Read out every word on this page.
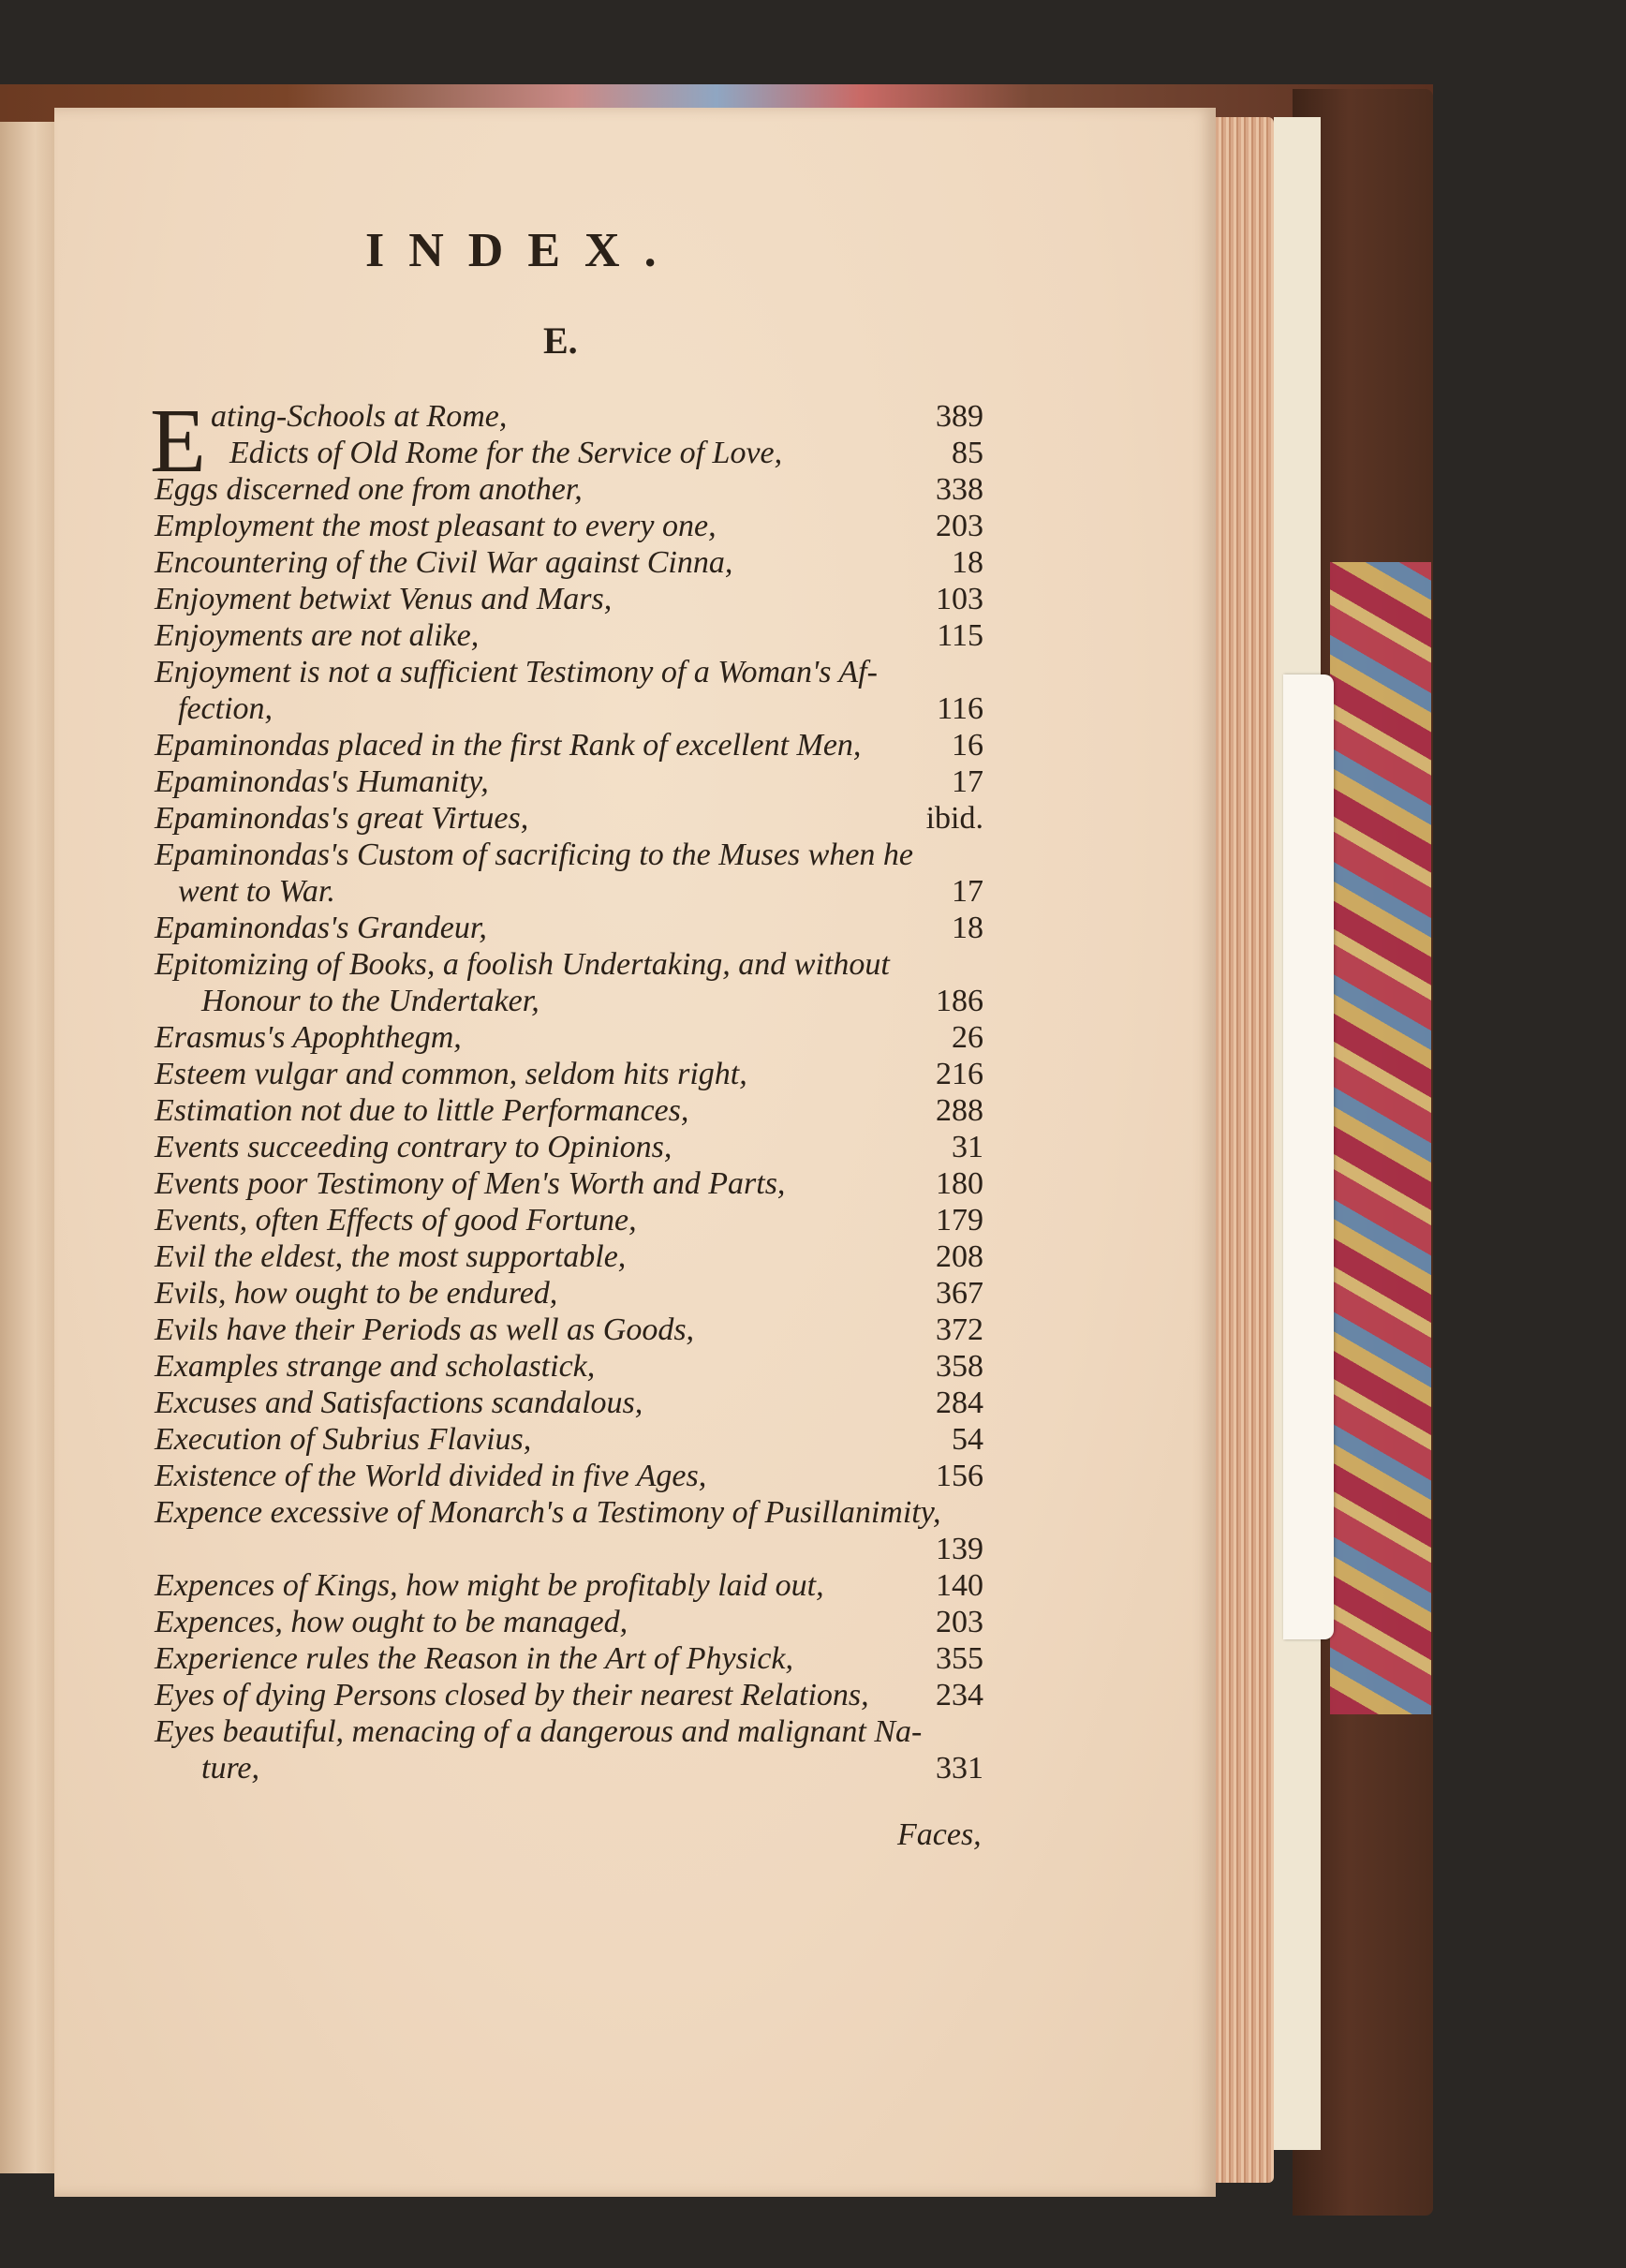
INDEX.
E.
E ating-Schools at Rome,	389
Edicts of Old Rome for the Service of Love,	85
Eggs discerned one from another,	338
Employment the most pleasant to every one,	203
Encountering of the Civil War against Cinna,	18
Enjoyment betwixt Venus and Mars,	103
Enjoyments are not alike,	115
Enjoyment is not a sufficient Testimony of a Woman's Af-
fection,	116
Epaminondas placed in the first Rank of excellent Men,	16
Epaminondas's Humanity,	17
Epaminondas's great Virtues,	ibid.
Epaminondas's Custom of sacrificing to the Muses when he
went to War.	17
Epaminondas's Grandeur,	18
Epitomizing of Books, a foolish Undertaking, and without
Honour to the Undertaker,	186
Erasmus's Apophthegm,	26
Esteem vulgar and common, seldom hits right,	216
Estimation not due to little Performances,	288
Events succeeding contrary to Opinions,	31
Events poor Testimony of Men's Worth and Parts,	180
Events, often Effects of good Fortune,	179
Evil the eldest, the most supportable,	208
Evils, how ought to be endured,	367
Evils have their Periods as well as Goods,	372
Examples strange and scholastick,	358
Excuses and Satisfactions scandalous,	284
Execution of Subrius Flavius,	54
Existence of the World divided in five Ages,	156
Expence excessive of Monarch's a Testimony of Pusillanimity,
139
Expences of Kings, how might be profitably laid out,	140
Expences, how ought to be managed,	203
Experience rules the Reason in the Art of Physick,	355
Eyes of dying Persons closed by their nearest Relations, 234
Eyes beautiful, menacing of a dangerous and malignant Na-
ture,	331
Faces,
